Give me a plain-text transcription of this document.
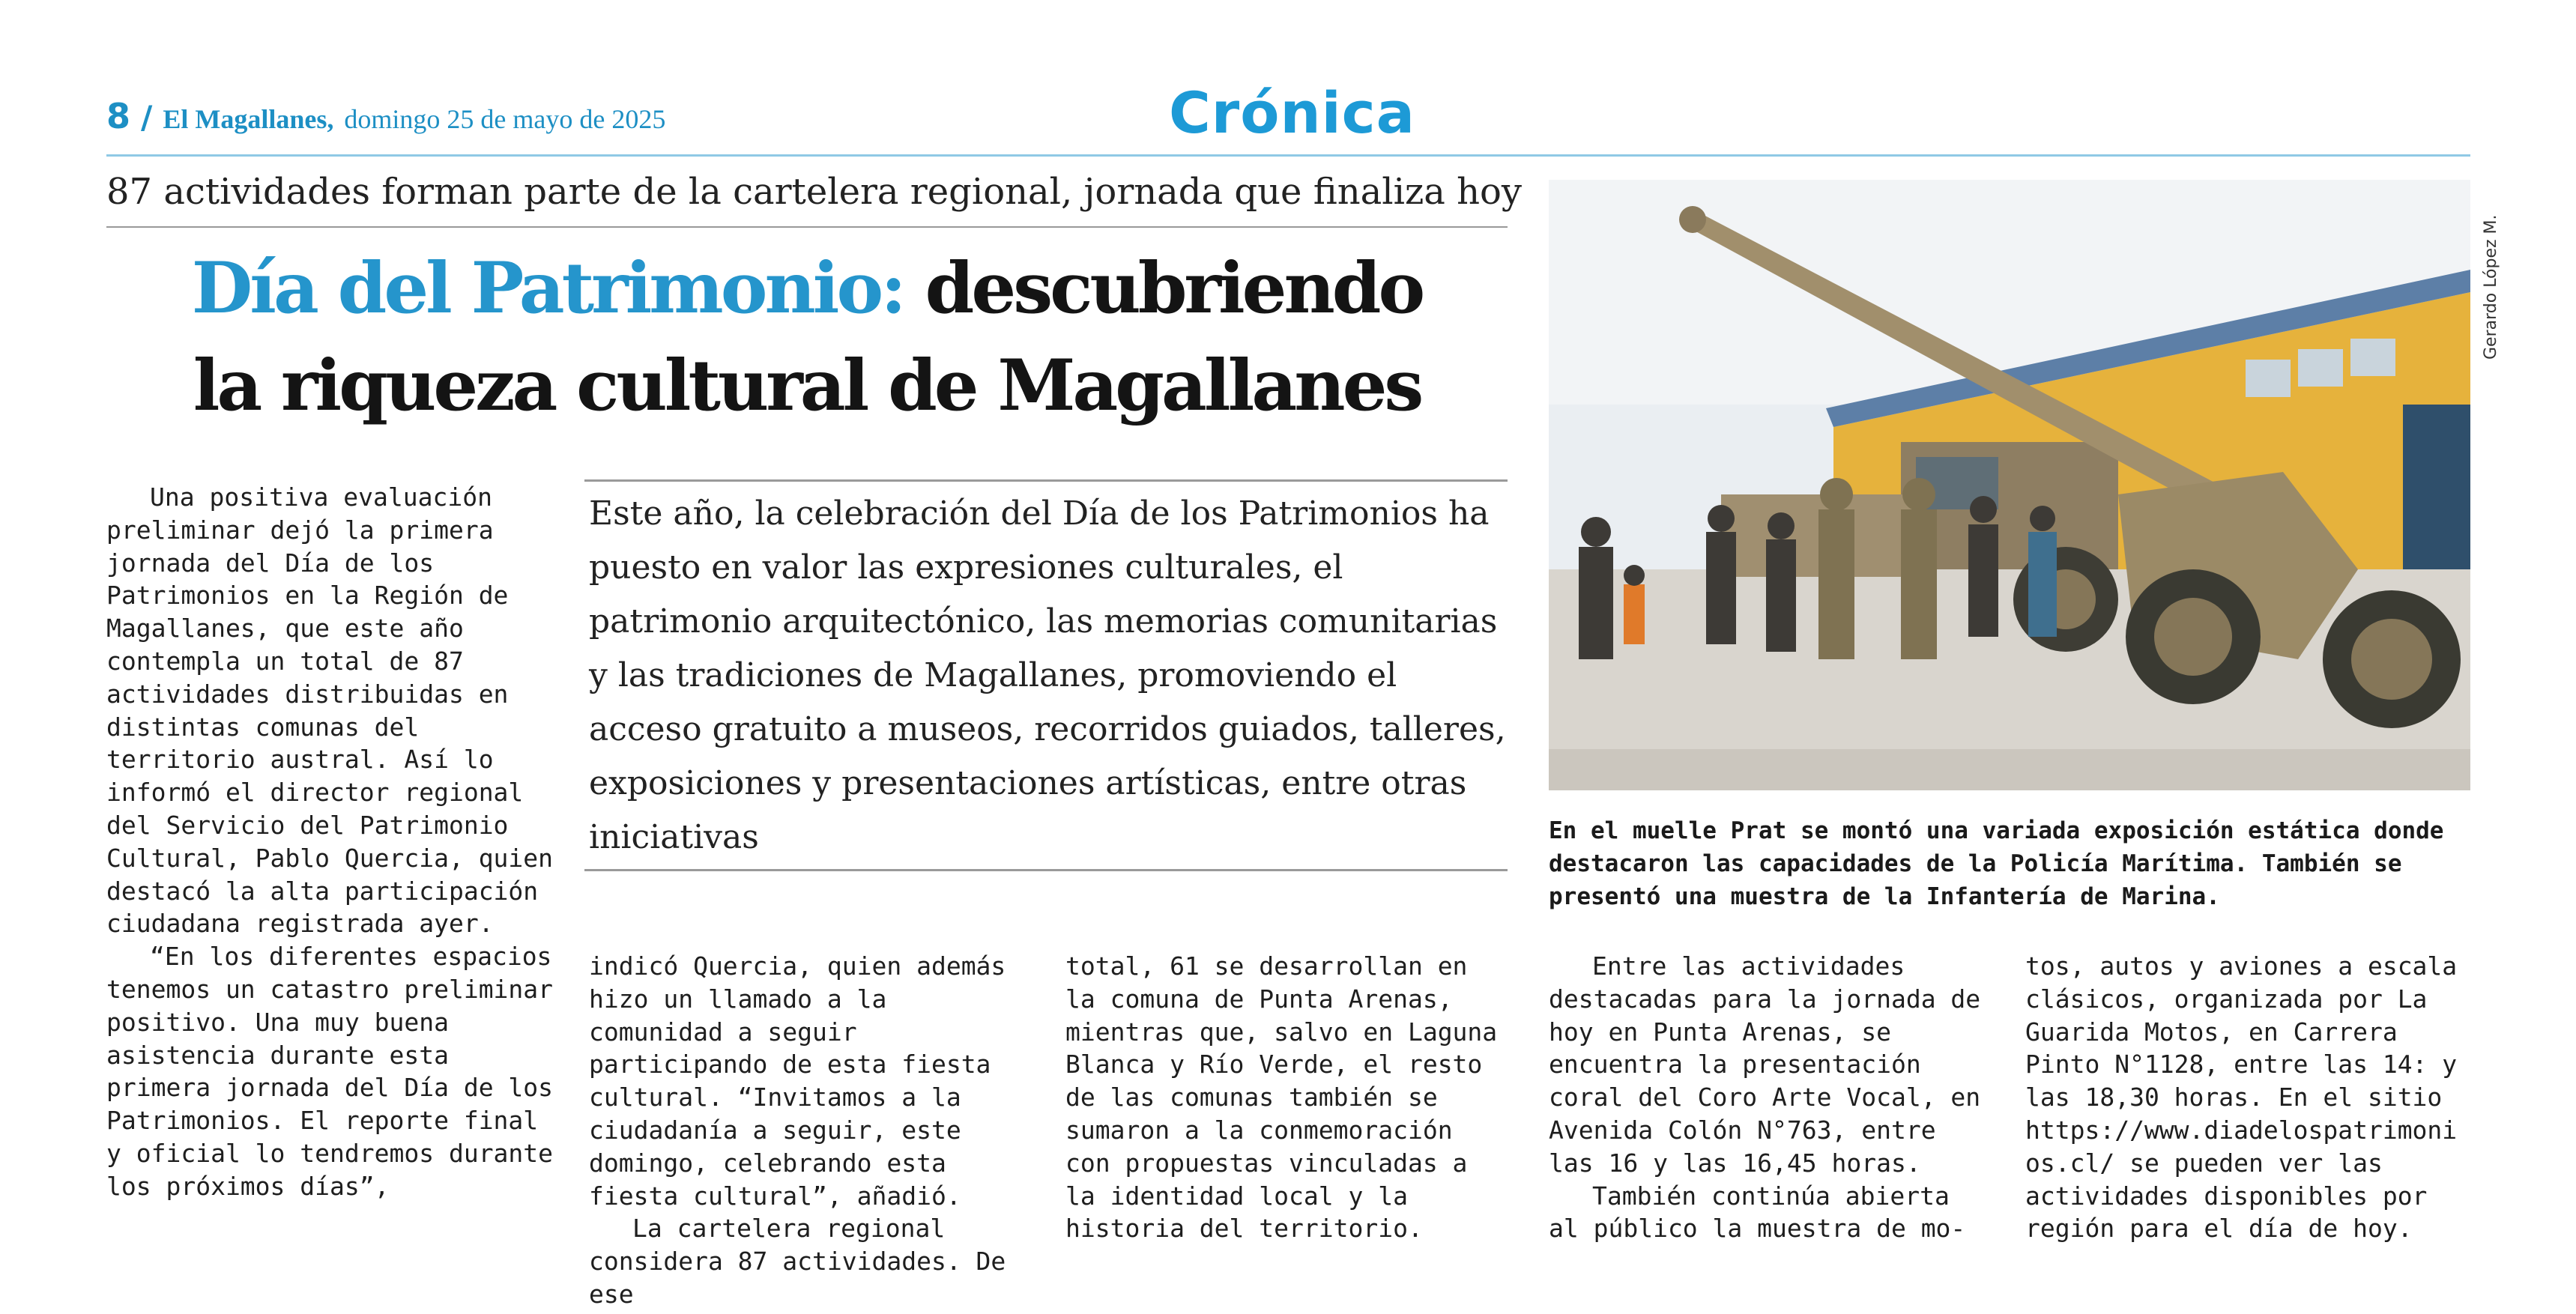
8 / El Magallanes, domingo 25 de mayo de 2025	Crónica
87 actividades forman parte de la cartelera regional, jornada que finaliza hoy
Día del Patrimonio: descubriendo
la riqueza cultural de Magallanes

Una positiva evaluación preliminar dejó la primera jornada del Día de los Patrimonios en la Región de Magallanes, que este año contempla un total de 87 actividades distribuidas en distintas comunas del territorio austral. Así lo informó el director regional del Servicio del Patrimonio Cultural, Pablo Quercia, quien destacó la alta participación ciudadana registrada ayer.

“En los diferentes espacios tenemos un catastro preliminar positivo. Una muy buena asistencia durante esta primera jornada del Día de los Patrimonios. El reporte final y oficial lo tendremos durante los próximos días”,

Este año, la celebración del Día de los Patrimonios ha puesto en valor las expresiones culturales, el patrimonio arquitectónico, las memorias comunitarias y las tradiciones de Magallanes, promoviendo el acceso gratuito a museos, recorridos guiados, talleres, exposiciones y presentaciones artísticas, entre otras iniciativas

indicó Quercia, quien además hizo un llamado a la comunidad a seguir participando de esta fiesta cultural. “Invitamos a la ciudadanía a seguir, este domingo, celebrando esta fiesta cultural”, añadió.

La cartelera regional considera 87 actividades. De ese

total, 61 se desarrollan en la comuna de Punta Arenas, mientras que, salvo en Laguna Blanca y Río Verde, el resto de las comunas también se sumaron a la conmemoración con propuestas vinculadas a la identidad local y la historia del territorio.

Entre las actividades destacadas para la jornada de hoy en Punta Arenas, se encuentra la presentación coral del Coro Arte Vocal, en Avenida Colón N°763, entre las 16 y las 16,45 horas.

También continúa abierta al público la muestra de mo-

tos, autos y aviones a escala clásicos, organizada por La Guarida Motos, en Carrera Pinto N°1128, entre las 14: y las 18,30 horas. En el sitio https://www.diadelospatrimonios.cl/ se pueden ver las actividades disponibles por región para el día de hoy.

Gerardo López M.
En el muelle Prat se montó una variada exposición estática donde destacaron las capacidades de la Policía Marítima. También se presentó una muestra de la Infantería de Marina.
